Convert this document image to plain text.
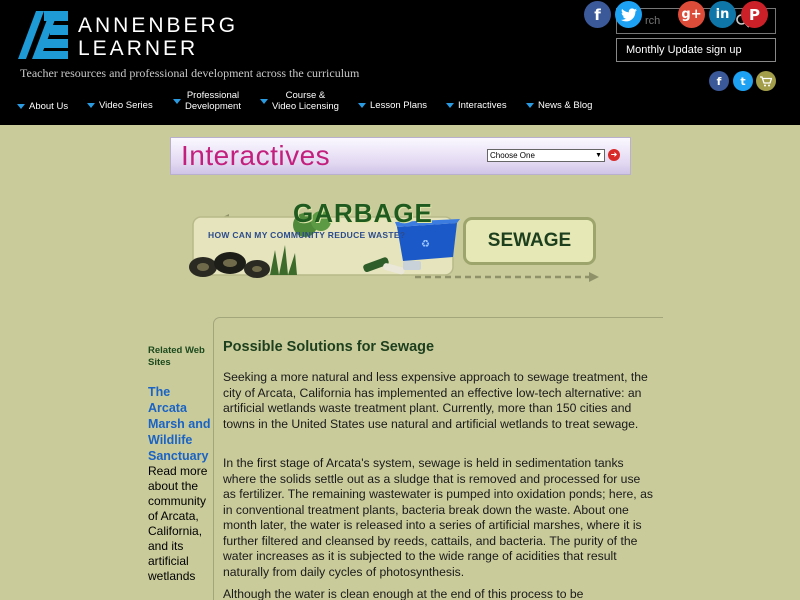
ANNENBERG
LEARNER
Teacher resources and professional development across the curriculum
rch
f	g+	in	P
Monthly Update sign up
f	t
About Us	Video Series
Professional
Development
Course &
Video Licensing	Lesson Plans	Interactives	News & Blog
Interactives	Choose One	▼	➜
♻
GARBAGE
HOW CAN MY COMMUNITY REDUCE WASTE?	SEWAGE
Related Web Sites
The Arcata Marsh and Wildlife Sanctuary
Read more about the community of Arcata, California, and its artificial wetlands
Possible Solutions for Sewage
Seeking a more natural and less expensive approach to sewage treatment, the city of Arcata, California has implemented an effective low-tech alternative: an artificial wetlands waste treatment plant. Currently, more than 150 cities and towns in the United States use natural and artificial wetlands to treat sewage.
In the first stage of Arcata's system, sewage is held in sedimentation tanks where the solids settle out as a sludge that is removed and processed for use as fertilizer. The remaining wastewater is pumped into oxidation ponds; here, as in conventional treatment plants, bacteria break down the waste. About one month later, the water is released into a series of artificial marshes, where it is further filtered and cleansed by reeds, cattails, and bacteria. The purity of the water increases as it is subjected to the wide range of acidities that result naturally from daily cycles of photosynthesis.
Although the water is clean enough at the end of this process to be
